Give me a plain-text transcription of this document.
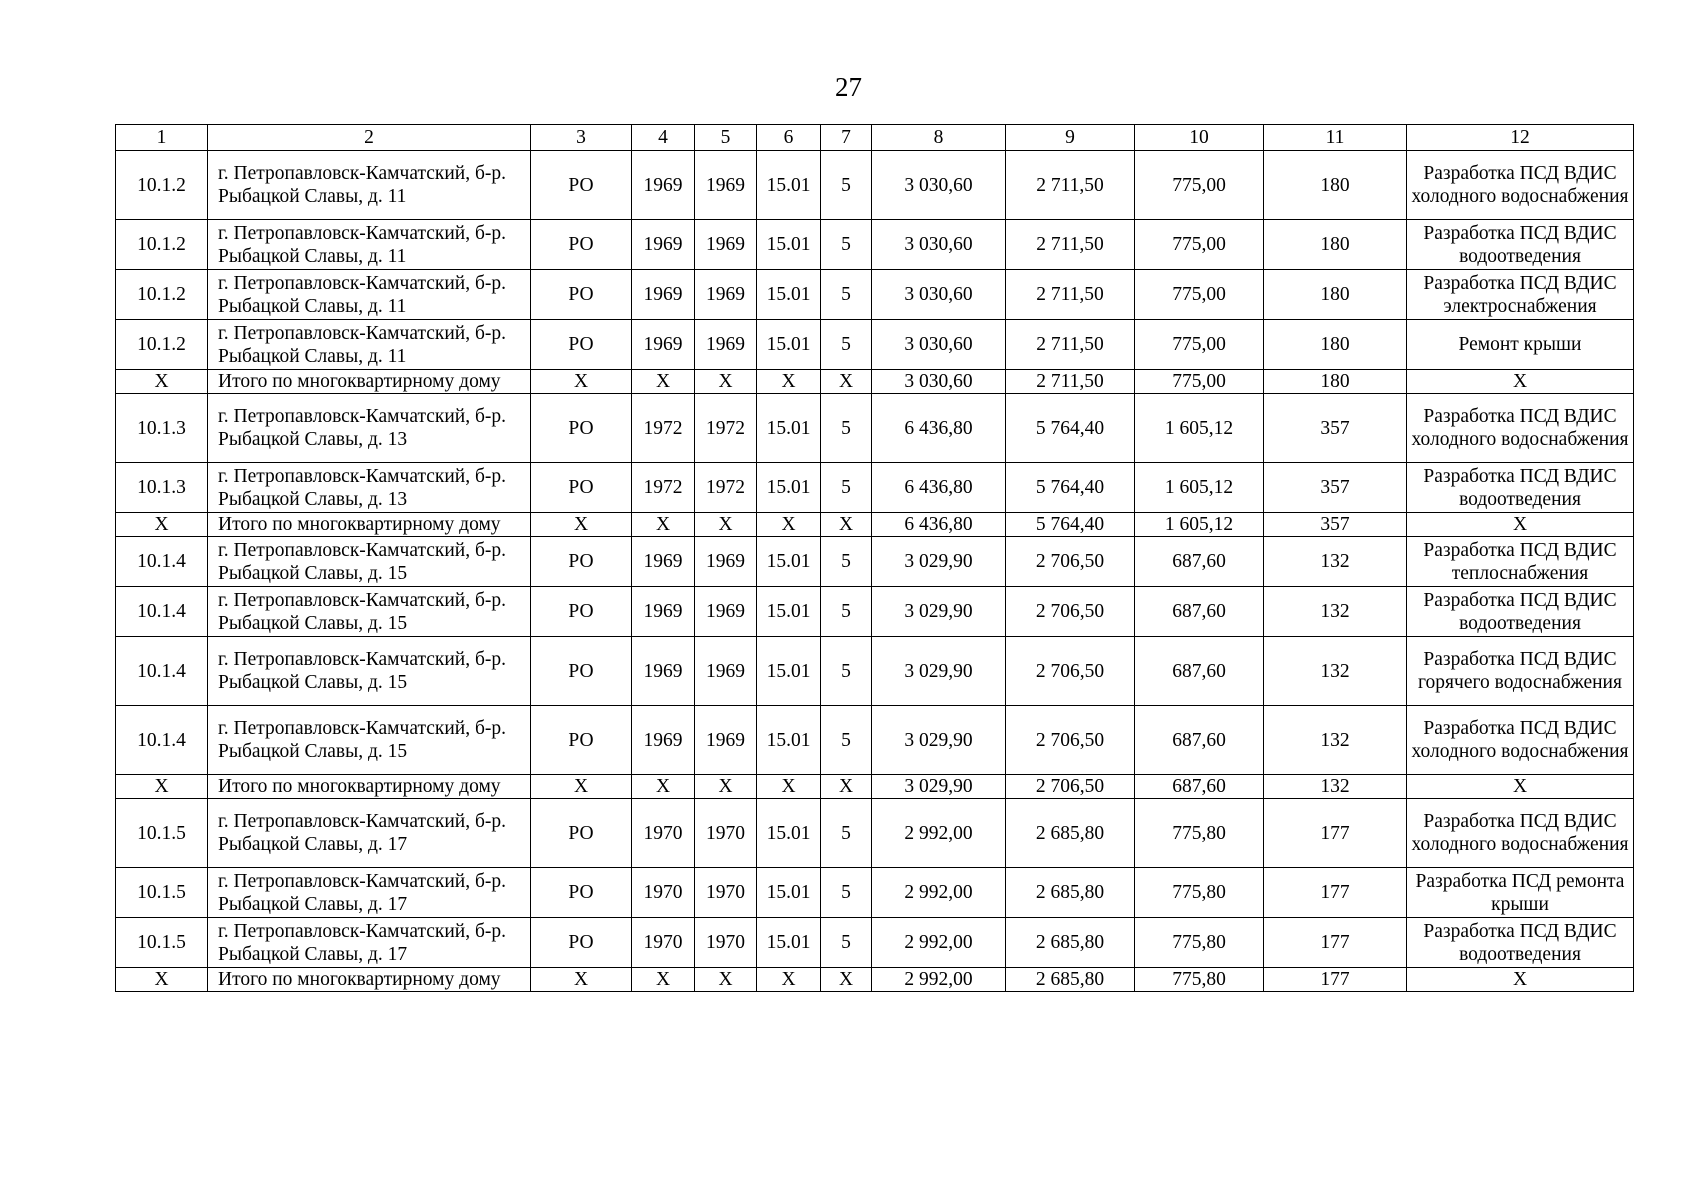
27
1	2	3	4	5	6	7	8	9	10	11	12
10.1.2	г. Петропавловск-Камчатский, б-р. Рыбацкой Славы, д. 11	РО	1969	1969	15.01	5	3 030,60	2 711,50	775,00	180	Разработка ПСД ВДИС холодного водоснабжения
10.1.2	г. Петропавловск-Камчатский, б-р. Рыбацкой Славы, д. 11	РО	1969	1969	15.01	5	3 030,60	2 711,50	775,00	180	Разработка ПСД ВДИС водоотведения
10.1.2	г. Петропавловск-Камчатский, б-р. Рыбацкой Славы, д. 11	РО	1969	1969	15.01	5	3 030,60	2 711,50	775,00	180	Разработка ПСД ВДИС электроснабжения
10.1.2	г. Петропавловск-Камчатский, б-р. Рыбацкой Славы, д. 11	РО	1969	1969	15.01	5	3 030,60	2 711,50	775,00	180	Ремонт крыши
X	Итого по многоквартирному дому	X	X	X	X	X	3 030,60	2 711,50	775,00	180	X
10.1.3	г. Петропавловск-Камчатский, б-р. Рыбацкой Славы, д. 13	РО	1972	1972	15.01	5	6 436,80	5 764,40	1 605,12	357	Разработка ПСД ВДИС холодного водоснабжения
10.1.3	г. Петропавловск-Камчатский, б-р. Рыбацкой Славы, д. 13	РО	1972	1972	15.01	5	6 436,80	5 764,40	1 605,12	357	Разработка ПСД ВДИС водоотведения
X	Итого по многоквартирному дому	X	X	X	X	X	6 436,80	5 764,40	1 605,12	357	X
10.1.4	г. Петропавловск-Камчатский, б-р. Рыбацкой Славы, д. 15	РО	1969	1969	15.01	5	3 029,90	2 706,50	687,60	132	Разработка ПСД ВДИС теплоснабжения
10.1.4	г. Петропавловск-Камчатский, б-р. Рыбацкой Славы, д. 15	РО	1969	1969	15.01	5	3 029,90	2 706,50	687,60	132	Разработка ПСД ВДИС водоотведения
10.1.4	г. Петропавловск-Камчатский, б-р. Рыбацкой Славы, д. 15	РО	1969	1969	15.01	5	3 029,90	2 706,50	687,60	132	Разработка ПСД ВДИС горячего водоснабжения
10.1.4	г. Петропавловск-Камчатский, б-р. Рыбацкой Славы, д. 15	РО	1969	1969	15.01	5	3 029,90	2 706,50	687,60	132	Разработка ПСД ВДИС холодного водоснабжения
X	Итого по многоквартирному дому	X	X	X	X	X	3 029,90	2 706,50	687,60	132	X
10.1.5	г. Петропавловск-Камчатский, б-р. Рыбацкой Славы, д. 17	РО	1970	1970	15.01	5	2 992,00	2 685,80	775,80	177	Разработка ПСД ВДИС холодного водоснабжения
10.1.5	г. Петропавловск-Камчатский, б-р. Рыбацкой Славы, д. 17	РО	1970	1970	15.01	5	2 992,00	2 685,80	775,80	177	Разработка ПСД ремонта крыши
10.1.5	г. Петропавловск-Камчатский, б-р. Рыбацкой Славы, д. 17	РО	1970	1970	15.01	5	2 992,00	2 685,80	775,80	177	Разработка ПСД ВДИС водоотведения
X	Итого по многоквартирному дому	X	X	X	X	X	2 992,00	2 685,80	775,80	177	X
